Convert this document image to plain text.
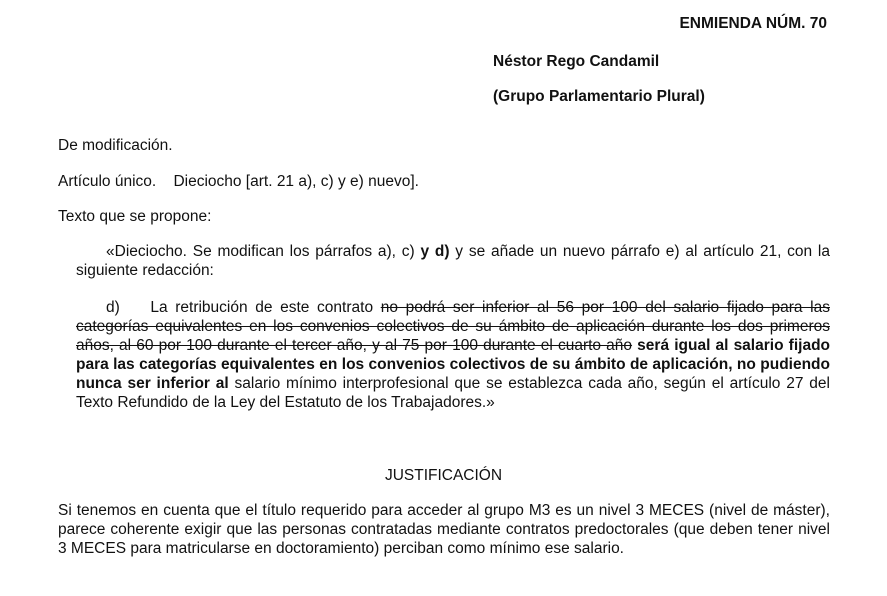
ENMIENDA NÚM. 70
Néstor Rego Candamil
(Grupo Parlamentario Plural)
De modificación.
Artículo único.    Dieciocho [art. 21 a), c) y e) nuevo].
Texto que se propone:
«Dieciocho. Se modifican los párrafos a), c) y d) y se añade un nuevo párrafo e) al artículo 21, con la siguiente redacción:
d)    La retribución de este contrato no podrá ser inferior al 56 por 100 del salario fijado para las categorías equivalentes en los convenios colectivos de su ámbito de aplicación durante los dos primeros años, al 60 por 100 durante el tercer año, y al 75 por 100 durante el cuarto año será igual al salario fijado para las categorías equivalentes en los convenios colectivos de su ámbito de aplicación, no pudiendo nunca ser inferior al salario mínimo interprofesional que se establezca cada año, según el artículo 27 del Texto Refundido de la Ley del Estatuto de los Trabajadores.»
JUSTIFICACIÓN
Si tenemos en cuenta que el título requerido para acceder al grupo M3 es un nivel 3 MECES (nivel de máster), parece coherente exigir que las personas contratadas mediante contratos predoctorales (que deben tener nivel 3 MECES para matricularse en doctoramiento) perciban como mínimo ese salario.
